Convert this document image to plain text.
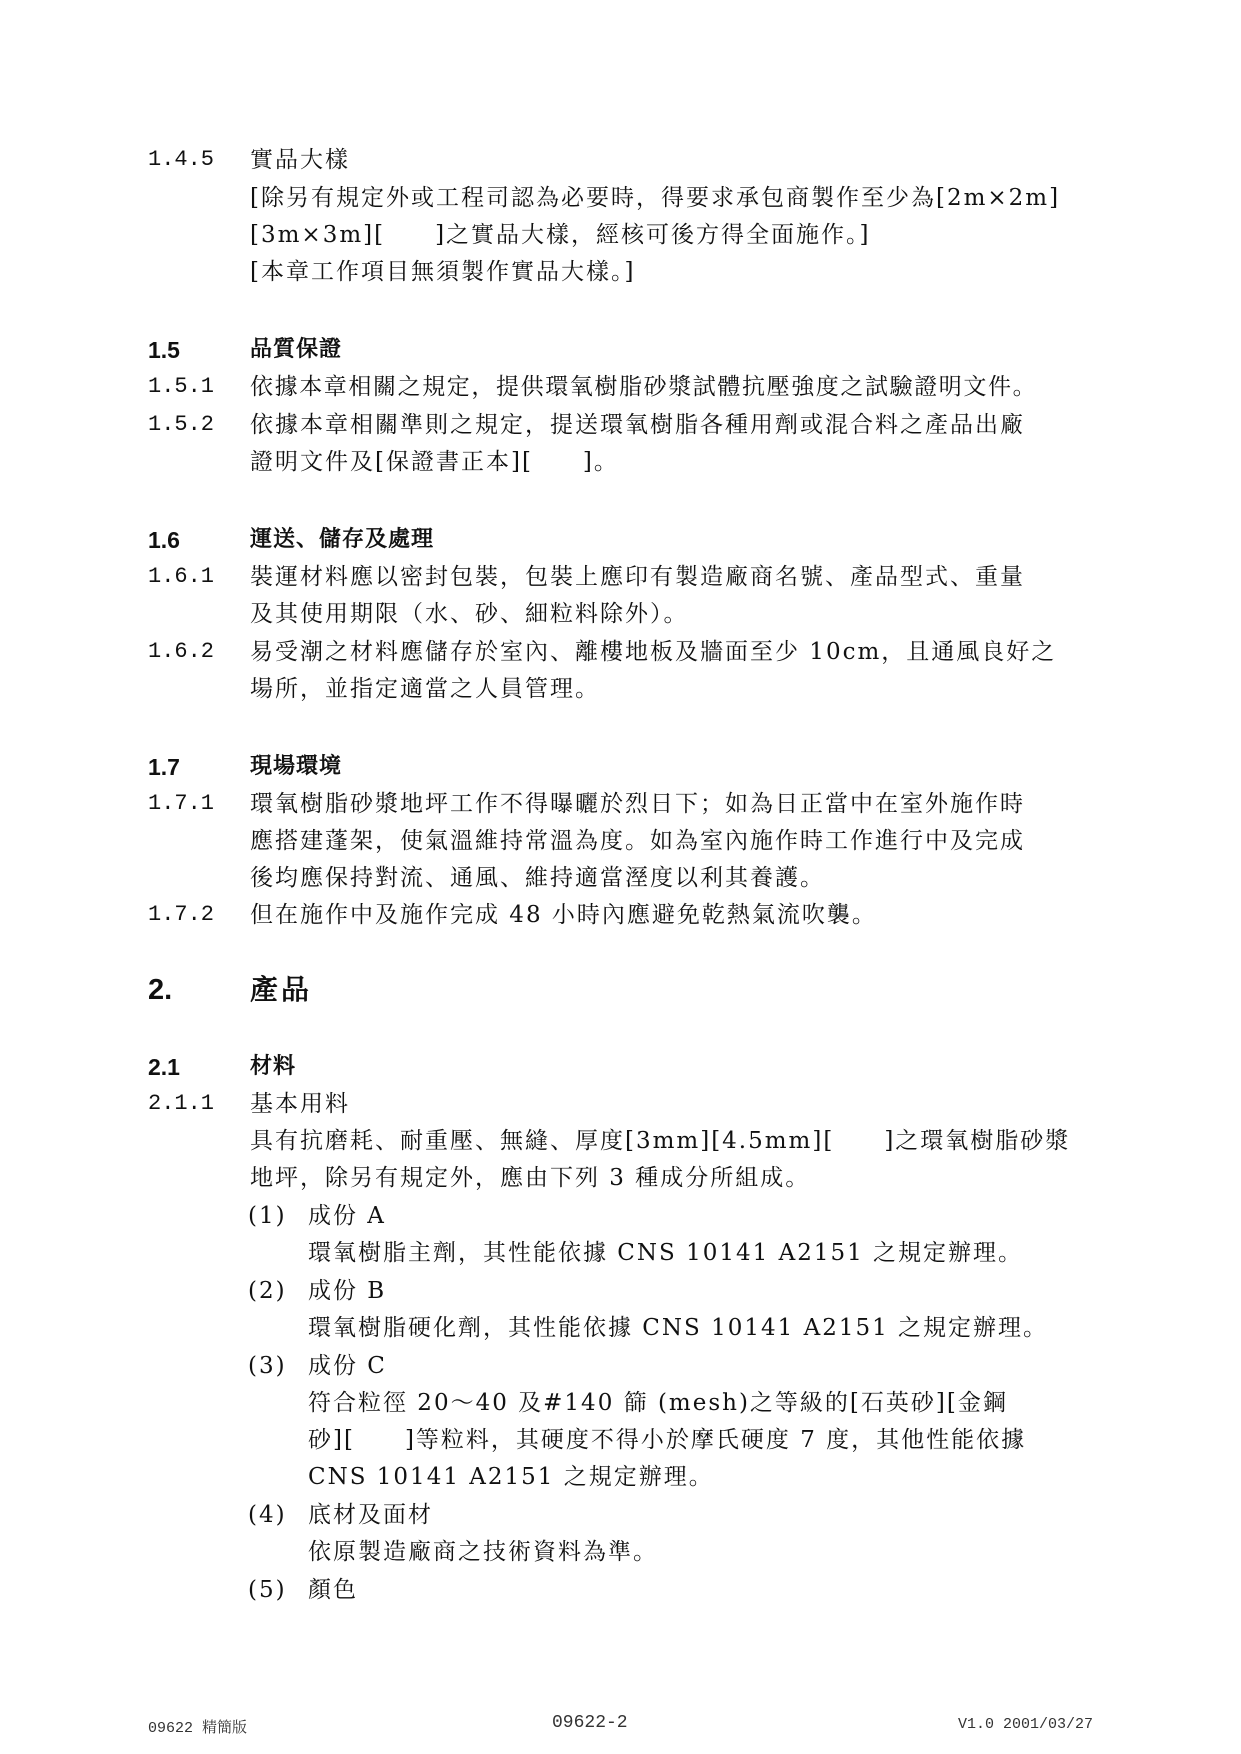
1.4.5 實品大樣
[除另有規定外或工程司認為必要時，得要求承包商製作至少為[2m×2m]
[3m×3m][　　]之實品大樣，經核可後方得全面施作。]
[本章工作項目無須製作實品大樣。]
1.5	品質保證
1.5.1 依據本章相關之規定，提供環氧樹脂砂漿試體抗壓強度之試驗證明文件。
1.5.2 依據本章相關準則之規定，提送環氧樹脂各種用劑或混合料之產品出廠
證明文件及[保證書正本][　　]。
1.6	運送、儲存及處理
1.6.1 裝運材料應以密封包裝，包裝上應印有製造廠商名號、產品型式、重量
及其使用期限（水、砂、細粒料除外）。
1.6.2 易受潮之材料應儲存於室內、離樓地板及牆面至少 10cm，且通風良好之
場所，並指定適當之人員管理。
1.7	現場環境
1.7.1 環氧樹脂砂漿地坪工作不得曝曬於烈日下；如為日正當中在室外施作時
應搭建蓬架，使氣溫維持常溫為度。如為室內施作時工作進行中及完成
後均應保持對流、通風、維持適當溼度以利其養護。
1.7.2 但在施作中及施作完成 48 小時內應避免乾熱氣流吹襲。
2.	產品
2.1	材料
2.1.1 基本用料
具有抗磨耗、耐重壓、無縫、厚度[3mm][4.5mm][　　]之環氧樹脂砂漿
地坪，除另有規定外，應由下列 3 種成分所組成。
(1) 成份 A
環氧樹脂主劑，其性能依據 CNS 10141 A2151 之規定辦理。
(2) 成份 B
環氧樹脂硬化劑，其性能依據 CNS 10141 A2151 之規定辦理。
(3) 成份 C
符合粒徑 20～40 及#140 篩 (mesh)之等級的[石英砂][金鋼
砂][　　]等粒料，其硬度不得小於摩氏硬度 7 度，其他性能依據
CNS 10141 A2151 之規定辦理。
(4) 底材及面材
依原製造廠商之技術資料為準。
(5) 顏色
09622 精簡版	09622-2	V1.0 2001/03/27
